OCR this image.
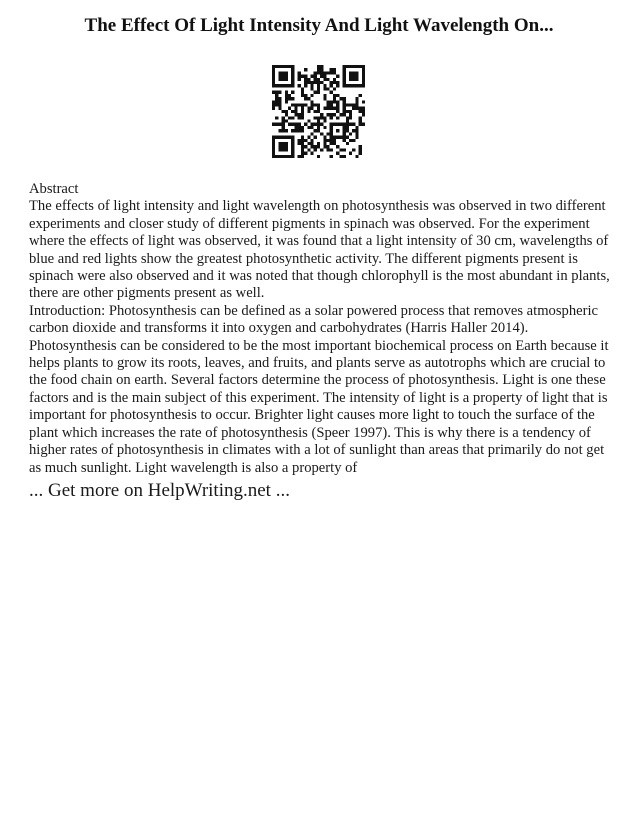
The Effect Of Light Intensity And Light Wavelength On...

Abstract

The effects of light intensity and light wavelength on photosynthesis was observed in two different experiments and closer study of different pigments in spinach was observed. For the experiment where the effects of light was observed, it was found that a light intensity of 30 cm, wavelengths of blue and red lights show the greatest photosynthetic activity. The different pigments present is spinach were also observed and it was noted that though chlorophyll is the most abundant in plants, there are other pigments present as well.

Introduction: Photosynthesis can be defined as a solar powered process that removes atmospheric carbon dioxide and transforms it into oxygen and carbohydrates (Harris Haller 2014). Photosynthesis can be considered to be the most important biochemical process on Earth because it helps plants to grow its roots, leaves, and fruits, and plants serve as autotrophs which are crucial to the food chain on earth. Several factors determine the process of photosynthesis. Light is one these factors and is the main subject of this experiment. The intensity of light is a property of light that is important for photosynthesis to occur. Brighter light causes more light to touch the surface of the plant which increases the rate of photosynthesis (Speer 1997). This is why there is a tendency of higher rates of photosynthesis in climates with a lot of sunlight than areas that primarily do not get as much sunlight. Light wavelength is also a property of

... Get more on HelpWriting.net ...
